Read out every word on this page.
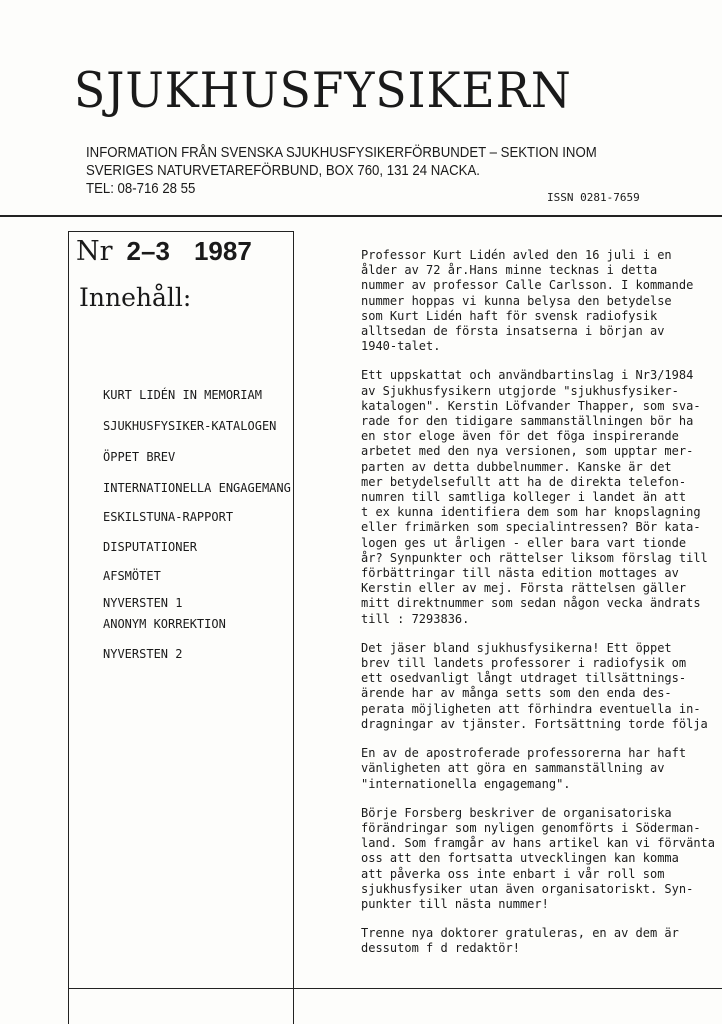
SJUKHUSFYSIKERN
INFORMATION FRÅN SVENSKA SJUKHUSFYSIKERFÖRBUNDET – SEKTION INOM
SVERIGES NATURVETAREFÖRBUND, BOX 760, 131 24 NACKA.
TEL: 08-716 28 55
ISSN 0281-7659
Nr 2–3 1987
Innehåll:
KURT LIDÉN IN MEMORIAM
SJUKHUSFYSIKER-KATALOGEN
ÖPPET BREV
INTERNATIONELLA ENGAGEMANG
ESKILSTUNA-RAPPORT
DISPUTATIONER
AFSMÖTET
NYVERSTEN 1
ANONYM KORREKTION
NYVERSTEN 2

Professor Kurt Lidén avled den 16 juli i en
ålder av 72 år.Hans minne tecknas i detta
nummer av professor Calle Carlsson. I kommande
nummer hoppas vi kunna belysa den betydelse
som Kurt Lidén haft för svensk radiofysik
alltsedan de första insatserna i början av
1940-talet.

Ett uppskattat och användbartinslag i Nr3/1984
av Sjukhusfysikern utgjorde "sjukhusfysiker-
katalogen". Kerstin Löfvander Thapper, som sva-
rade for den tidigare sammanställningen bör ha
en stor eloge även för det föga inspirerande
arbetet med den nya versionen, som upptar mer-
parten av detta dubbelnummer. Kanske är det
mer betydelsefullt att ha de direkta telefon-
numren till samtliga kolleger i landet än att
t ex kunna identifiera dem som har knopslagning
eller frimärken som specialintressen? Bör kata-
logen ges ut årligen - eller bara vart tionde
år? Synpunkter och rättelser liksom förslag till
förbättringar till nästa edition mottages av
Kerstin eller av mej. Första rättelsen gäller
mitt direktnummer som sedan någon vecka ändrats
till : 7293836.

Det jäser bland sjukhusfysikerna! Ett öppet
brev till landets professorer i radiofysik om
ett osedvanligt långt utdraget tillsättnings-
ärende har av många setts som den enda des-
perata möjligheten att förhindra eventuella in-
dragningar av tjänster. Fortsättning torde följa

En av de apostroferade professorerna har haft
vänligheten att göra en sammanställning av
"internationella engagemang".

Börje Forsberg beskriver de organisatoriska
förändringar som nyligen genomförts i Söderman-
land. Som framgår av hans artikel kan vi förvänta
oss att den fortsatta utvecklingen kan komma
att påverka oss inte enbart i vår roll som
sjukhusfysiker utan även organisatoriskt. Syn-
punkter till nästa nummer!

Trenne nya doktorer gratuleras, en av dem är
dessutom f d redaktör!
